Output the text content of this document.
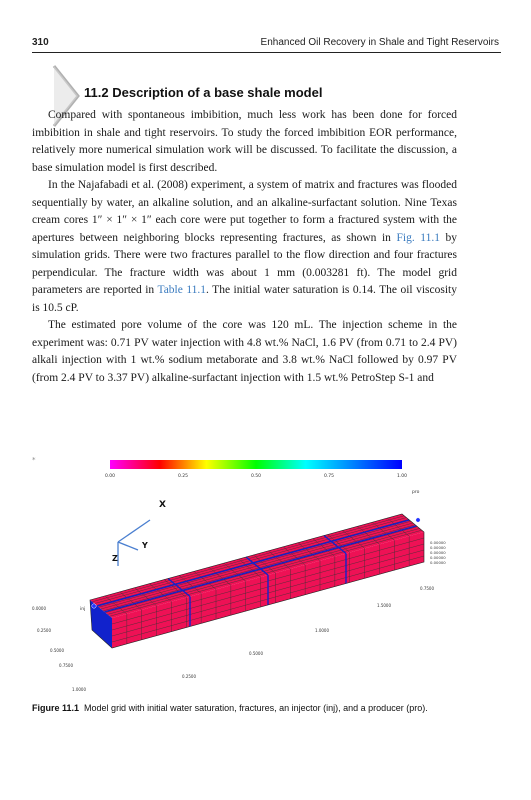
310	Enhanced Oil Recovery in Shale and Tight Reservoirs
11.2 Description of a base shale model

Compared with spontaneous imbibition, much less work has been done for forced imbibition in shale and tight reservoirs. To study the forced imbibition EOR performance, relatively more numerical simulation work will be discussed. To facilitate the discussion, a base simulation model is first described.

In the Najafabadi et al. (2008) experiment, a system of matrix and fractures was flooded sequentially by water, an alkaline solution, and an alkaline-surfactant solution. Nine Texas cream cores 1″ × 1″ × 1″ each core were put together to form a fractured system with the apertures between neighboring blocks representing fractures, as shown in Fig. 11.1 by simulation grids. There were two fractures parallel to the flow direction and four fractures perpendicular. The fracture width was about 1 mm (0.003281 ft). The model grid parameters are reported in Table 11.1. The initial water saturation is 0.14. The oil viscosity is 10.5 cP.

The estimated pore volume of the core was 120 mL. The injection scheme in the experiment was: 0.71 PV water injection with 4.8 wt.% NaCl, 1.6 PV (from 0.71 to 2.4 PV) alkali injection with 1 wt.% sodium metaborate and 3.8 wt.% NaCl followed by 0.97 PV (from 2.4 PV to 3.37 PV) alkaline-surfactant injection with 1.5 wt.% PetroStep S-1 and

*
0.00	0.25	0.50	0.75	1.00
pro
inj
X
Y
Z
0.00000
0.00000
0.00000
0.00000
0.00000
0.7500
1.5000
0.0000
0.2500
0.5000
0.7500
1.0000
1.0000
0.5000
0.2500

Figure 11.1 Model grid with initial water saturation, fractures, an injector (inj), and a producer (pro).
